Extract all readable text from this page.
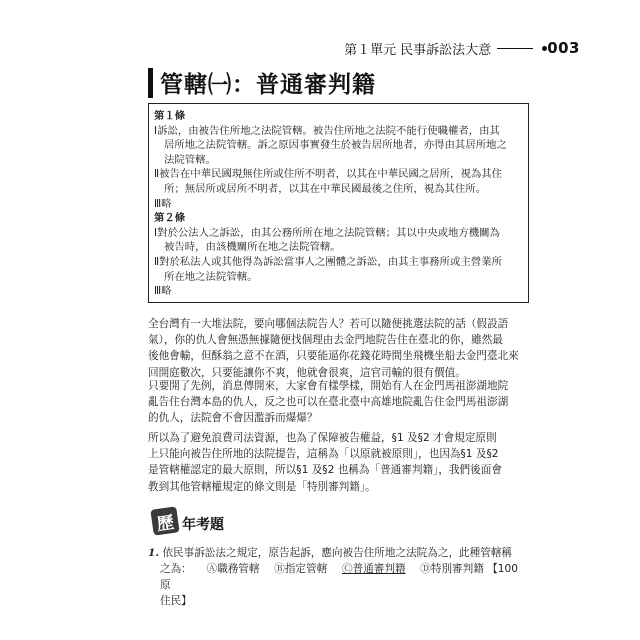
第１單元 民事訴訟法大意	003
管轄㈠：普通審判籍
第１條
Ⅰ訴訟，由被告住所地之法院管轄。被告住所地之法院不能行使職權者，由其
居所地之法院管轄。訴之原因事實發生於被告居所地者，亦得由其居所地之
法院管轄。
Ⅱ被告在中華民國現無住所或住所不明者，以其在中華民國之居所，視為其住
所；無居所或居所不明者，以其在中華民國最後之住所，視為其住所。
Ⅲ略
第２條
Ⅰ對於公法人之訴訟，由其公務所所在地之法院管轄；其以中央或地方機關為
被告時，由該機關所在地之法院管轄。
Ⅱ對於私法人或其他得為訴訟當事人之團體之訴訟，由其主事務所或主營業所
所在地之法院管轄。
Ⅲ略
全台灣有一大堆法院，要向哪個法院告人？若可以隨便挑選法院的話（假設語
氣），你的仇人會無憑無據隨便找個理由去金門地院告住在臺北的你，雖然最
後他會輸，但酥翁之意不在酒，只要能逼你花錢花時間坐飛機坐船去金門臺北來
回開庭數次，只要能讓你不爽，他就會很爽，這官司輸的很有價值。
只要開了先例，消息傳開來，大家會有樣學樣，開始有人在金門馬祖澎湖地院
亂告住台灣本島的仇人，反之也可以在臺北臺中高雄地院亂告住金門馬祖澎湖
的仇人，法院會不會因濫訴而爆爆？
所以為了避免浪費司法資源，也為了保障被告權益，§1 及§2 才會規定原則
上只能向被告住所地的法院提告，這稱為「以原就被原則」，也因為§1 及§2
是管轄權認定的最大原則，所以§1 及§2 也稱為「普通審判籍」，我們後面會
教到其他管轄權規定的條文則是「特別審判籍」。
歷 年考題
1. 依民事訴訟法之規定，原告起訴，應向被告住所地之法院為之，此種管轄稱
之為： Ⓐ職務管轄 Ⓑ指定管轄 Ⓒ普通審判籍 Ⓓ特別審判籍 【100 原
住民】
